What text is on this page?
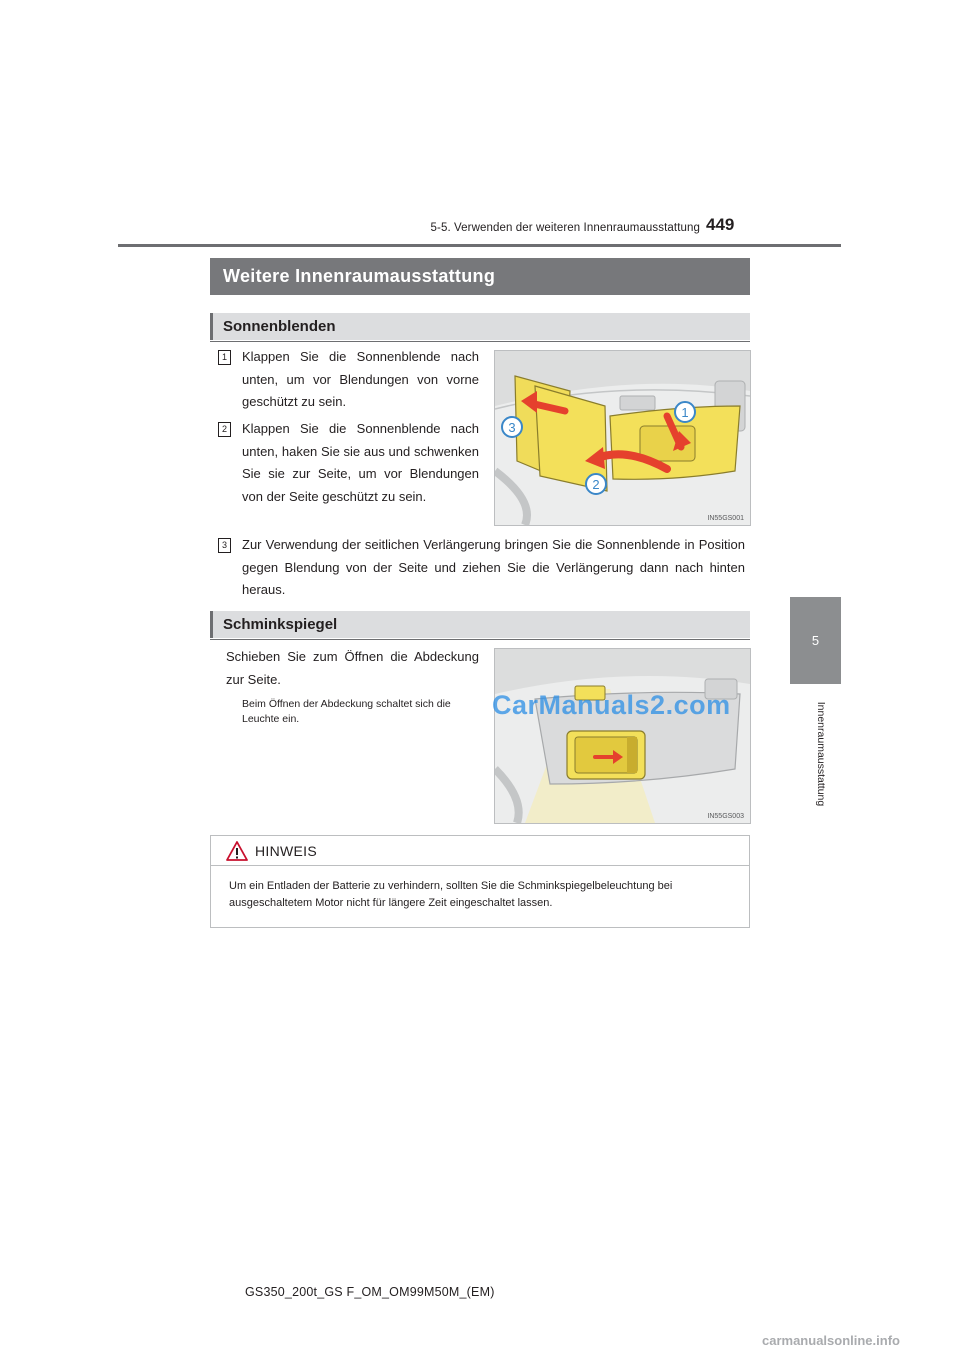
5-5. Verwenden der weiteren Innenraumausstattung 449
5
Innenraumausstattung
Weitere Innenraumausstattung
Sonnenblenden
1	Klappen Sie die Sonnenblende nach unten, um vor Blendungen von vorne geschützt zu sein.
2	Klappen Sie die Sonnenblende nach unten, haken Sie sie aus und schwenken Sie sie zur Seite, um vor Blendungen von der Seite geschützt zu sein.
3	Zur Verwendung der seitlichen Verlängerung bringen Sie die Sonnenblende in Position gegen Blendung von der Seite und ziehen Sie die Verlängerung dann nach hinten heraus.
1
2
3
IN55GS001
Schminkspiegel
Schieben Sie zum Öffnen die Abdeckung zur Seite.
Beim Öffnen der Abdeckung schaltet sich die Leuchte ein.
IN55GS003
CarManuals2.com
HINWEIS
Um ein Entladen der Batterie zu verhindern, sollten Sie die Schminkspiegelbeleuchtung bei ausgeschaltetem Motor nicht für längere Zeit eingeschaltet lassen.
GS350_200t_GS F_OM_OM99M50M_(EM)
carmanualsonline.info
